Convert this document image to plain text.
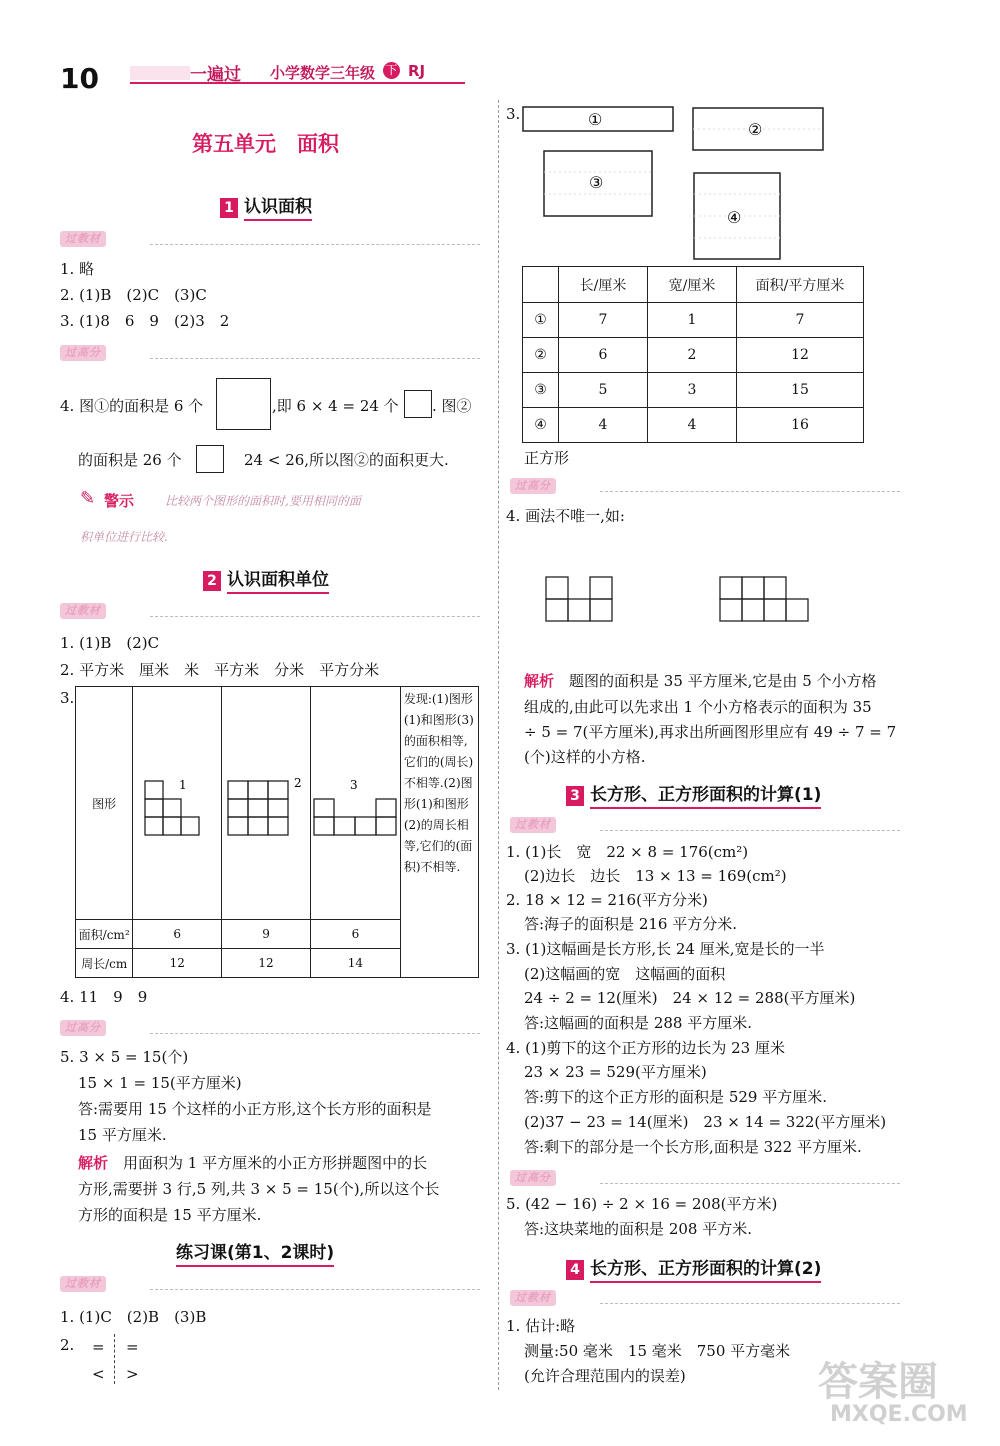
10	一遍过 小学数学三年级 下 RJ
第五单元　面积
1 认识面积
过教材
1. 略
2. (1)B　(2)C　(3)C
3. (1)8　6　9　(2)3　2
过高分
4. 图①的面积是 6 个	,即 6 × 4 = 24 个 . 图②
的面积是 26 个	24 < 26,所以图②的面积更大.
✎ 警示	比较两个图形的面积时,要用相同的面
积单位进行比较.
2 认识面积单位
过教材
1. (1)B　(2)C
2. 平方米　厘米　米　平方米　分米　平方分米
3.
图形	1	2	3	发现:(1)图形(1)和图形(3)的面积相等,它们的(周长)不相等.(2)图形(1)和图形(2)的周长相等,它们的(面积)不相等.
面积/cm²	6	9	6	
周长/cm	12	12	14	
4. 11　9　9
过高分
5. 3 × 5 = 15(个)
15 × 1 = 15(平方厘米)
答:需要用 15 个这样的小正方形,这个长方形的面积是
15 平方厘米.
解析　 用面积为 1 平方厘米的小正方形拼题图中的长
方形,需要拼 3 行,5 列,共 3 × 5 = 15(个),所以这个长
方形的面积是 15 平方厘米.
练习课(第1、2课时)
过教材
1. (1)C　(2)B　(3)B
2. = =
< >
3.	①
②
③
④
	长/厘米	宽/厘米	面积/平方厘米
①	7	1	7
②	6	2	12
③	5	3	15
④	4	4	16
正方形
过高分
4. 画法不唯一,如:
解析　 题图的面积是 35 平方厘米,它是由 5 个小方格
组成的,由此可以先求出 1 个小方格表示的面积为 35
÷ 5 = 7(平方厘米),再求出所画图形里应有 49 ÷ 7 = 7
(个)这样的小方格.
3 长方形、正方形面积的计算(1)
过教材
1. (1)长　宽　22 × 8 = 176(cm²)
(2)边长　边长　13 × 13 = 169(cm²)
2. 18 × 12 = 216(平方分米)
答:海子的面积是 216 平方分米.
3. (1)这幅画是长方形,长 24 厘米,宽是长的一半
(2)这幅画的宽　这幅画的面积
24 ÷ 2 = 12(厘米)　24 × 12 = 288(平方厘米)
答:这幅画的面积是 288 平方厘米.
4. (1)剪下的这个正方形的边长为 23 厘米
23 × 23 = 529(平方厘米)
答:剪下的这个正方形的面积是 529 平方厘米.
(2)37 − 23 = 14(厘米)　23 × 14 = 322(平方厘米)
答:剩下的部分是一个长方形,面积是 322 平方厘米.
过高分
5. (42 − 16) ÷ 2 × 16 = 208(平方米)
答:这块菜地的面积是 208 平方米.
4 长方形、正方形面积的计算(2)
过教材
1. 估计:略
测量:50 毫米　15 毫米　750 平方毫米
(允许合理范围内的误差)	答案圈
MXQE.COM
